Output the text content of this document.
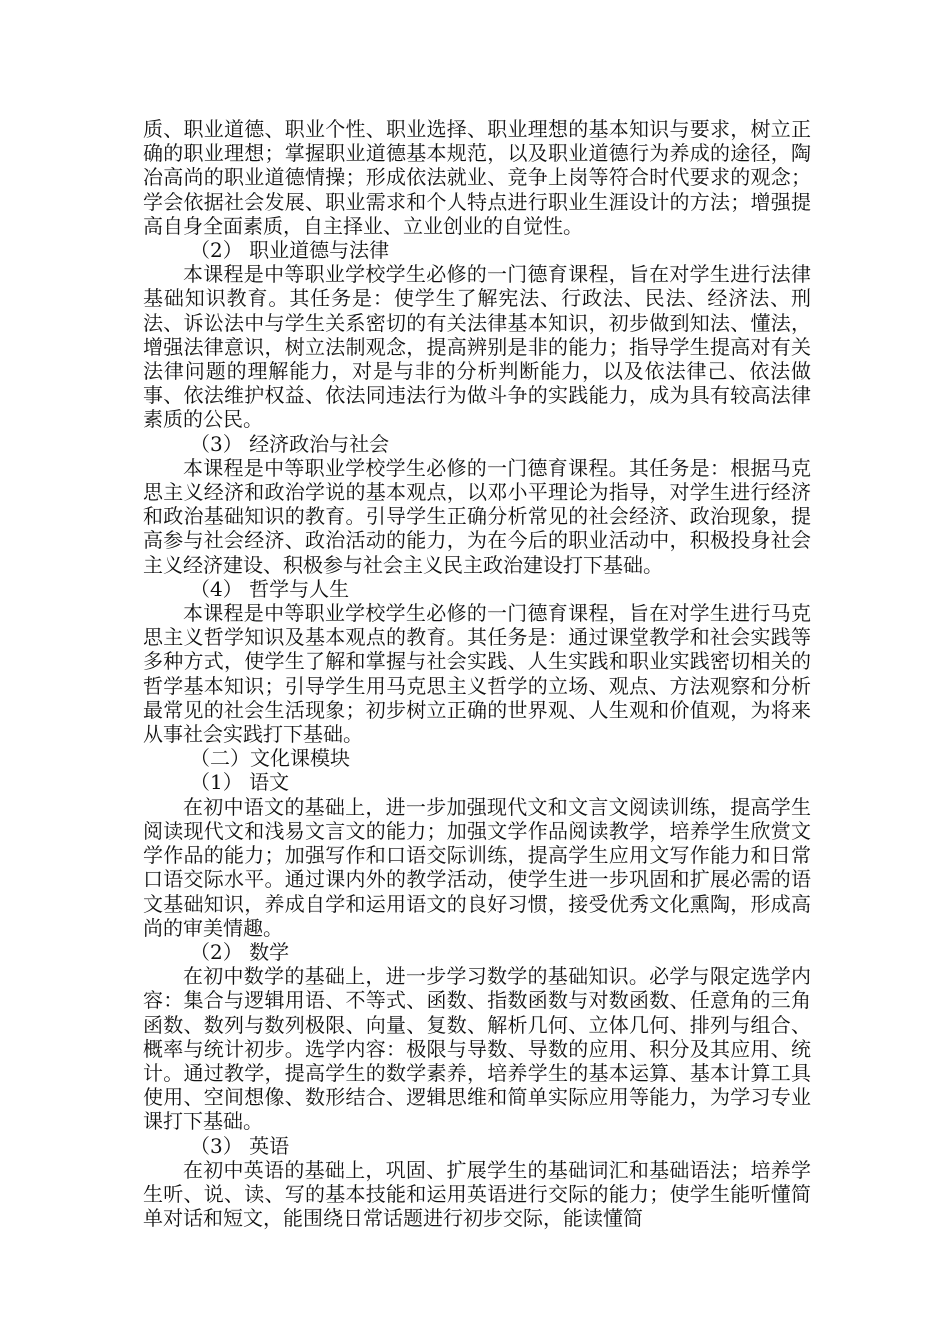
质、职业道德、职业个性、职业选择、职业理想的基本知识与要求，树立正确的职业理想；掌握职业道德基本规范，以及职业道德行为养成的途径，陶冶高尚的职业道德情操；形成依法就业、竞争上岗等符合时代要求的观念；学会依据社会发展、职业需求和个人特点进行职业生涯设计的方法；增强提高自身全面素质，自主择业、立业创业的自觉性。

（2） 职业道德与法律

本课程是中等职业学校学生必修的一门德育课程，旨在对学生进行法律基础知识教育。其任务是：使学生了解宪法、行政法、民法、经济法、刑法、诉讼法中与学生关系密切的有关法律基本知识，初步做到知法、懂法，增强法律意识，树立法制观念，提高辨别是非的能力；指导学生提高对有关法律问题的理解能力，对是与非的分析判断能力，以及依法律己、依法做事、依法维护权益、依法同违法行为做斗争的实践能力，成为具有较高法律素质的公民。

（3） 经济政治与社会

本课程是中等职业学校学生必修的一门德育课程。其任务是：根据马克思主义经济和政治学说的基本观点，以邓小平理论为指导，对学生进行经济和政治基础知识的教育。引导学生正确分析常见的社会经济、政治现象，提高参与社会经济、政治活动的能力，为在今后的职业活动中，积极投身社会主义经济建设、积极参与社会主义民主政治建设打下基础。

（4） 哲学与人生

本课程是中等职业学校学生必修的一门德育课程，旨在对学生进行马克思主义哲学知识及基本观点的教育。其任务是：通过课堂教学和社会实践等多种方式，使学生了解和掌握与社会实践、人生实践和职业实践密切相关的哲学基本知识；引导学生用马克思主义哲学的立场、观点、方法观察和分析最常见的社会生活现象；初步树立正确的世界观、人生观和价值观，为将来从事社会实践打下基础。

（二）文化课模块

（1） 语文

在初中语文的基础上，进一步加强现代文和文言文阅读训练，提高学生阅读现代文和浅易文言文的能力；加强文学作品阅读教学，培养学生欣赏文学作品的能力；加强写作和口语交际训练，提高学生应用文写作能力和日常口语交际水平。通过课内外的教学活动，使学生进一步巩固和扩展必需的语文基础知识，养成自学和运用语文的良好习惯，接受优秀文化熏陶，形成高尚的审美情趣。

（2） 数学

在初中数学的基础上，进一步学习数学的基础知识。必学与限定选学内容：集合与逻辑用语、不等式、函数、指数函数与对数函数、任意角的三角函数、数列与数列极限、向量、复数、解析几何、立体几何、排列与组合、概率与统计初步。选学内容：极限与导数、导数的应用、积分及其应用、统计。通过教学，提高学生的数学素养，培养学生的基本运算、基本计算工具使用、空间想像、数形结合、逻辑思维和简单实际应用等能力，为学习专业课打下基础。

（3） 英语

在初中英语的基础上，巩固、扩展学生的基础词汇和基础语法；培养学生听、说、读、写的基本技能和运用英语进行交际的能力；使学生能听懂简单对话和短文，能围绕日常话题进行初步交际，能读懂简
